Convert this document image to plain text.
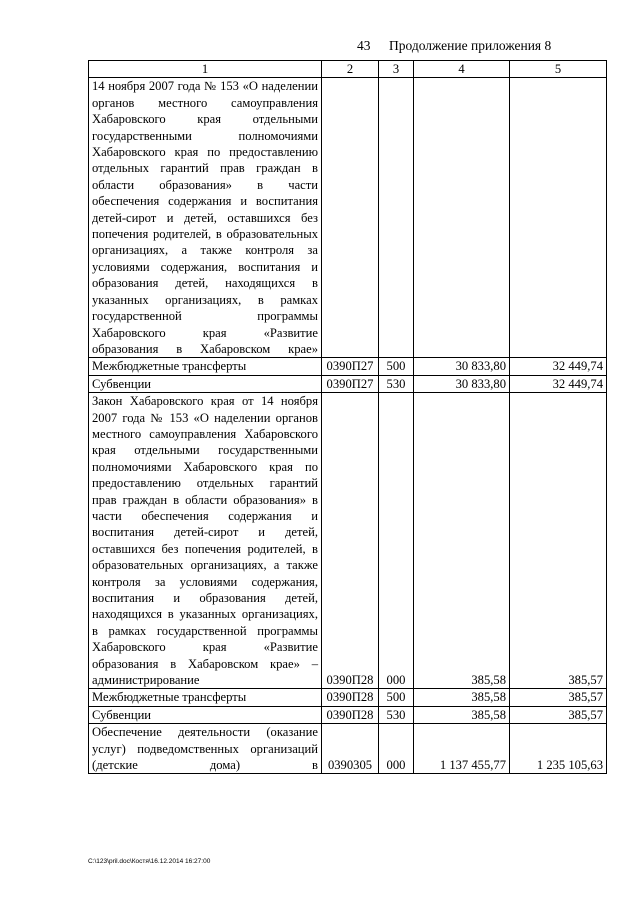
43 Продолжение приложения 8
1	2	3	4	5

14 ноября 2007 года № 153 «О наделении органов местного самоуправления Хабаровского края отдельными государственными полномочиями Хабаровского края по предоставлению отдельных гарантий прав граждан в области образования» в части обеспечения содержания и воспитания детей-сирот и детей, оставшихся без попечения родителей, в образовательных организациях, а также контроля за условиями содержания, воспитания и образования детей, находящихся в указанных организациях, в рамках государственной программы Хабаровского края «Развитие образования в Хабаровском крае»				

Межбюджетные трансферты	0390П27	500	30 833,80	32 449,74
Субвенции	0390П27	530	30 833,80	32 449,74

Закон Хабаровского края от 14 ноября 2007 года № 153 «О наделении органов местного самоуправления Хабаровского края отдельными государственными полномочиями Хабаровского края по предоставлению отдельных гарантий прав граждан в области образования» в части обеспечения содержания и воспитания детей-сирот и детей, оставшихся без попечения родителей, в образовательных организациях, а также контроля за условиями содержания, воспитания и образования детей, находящихся в указанных организациях, в рамках государственной программы Хабаровского края «Развитие образования в Хабаровском крае» – администрирование	0390П28	000	385,58	385,57
Межбюджетные трансферты	0390П28	500	385,58	385,57
Субвенции	0390П28	530	385,58	385,57

Обеспечение деятельности (оказание услуг) подведомственных организаций (детские дома) в	0390305	000	1 137 455,77	1 235 105,63
C:\123\pril.doc\Костя\16.12.2014 16:27:00
